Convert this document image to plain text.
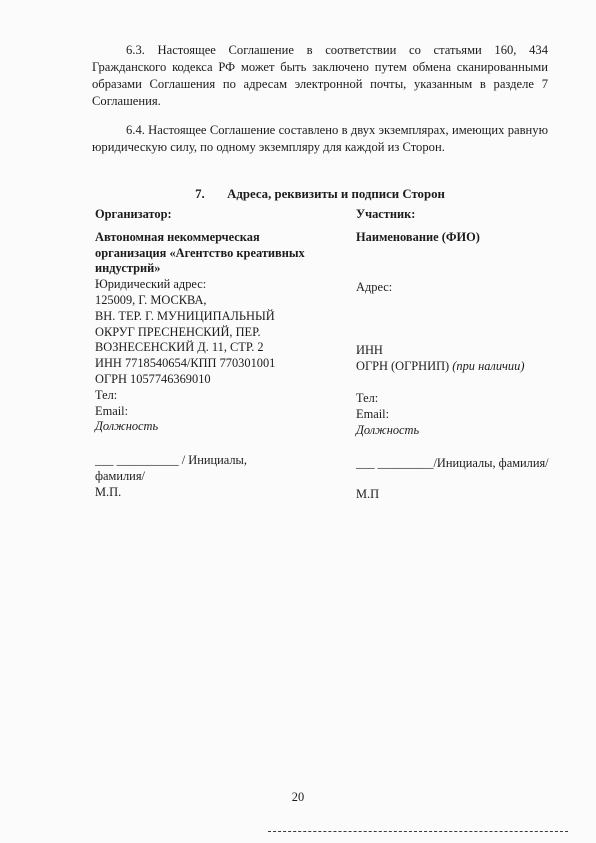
6.3. Настоящее Соглашение в соответствии со статьями 160, 434 Гражданского кодекса РФ может быть заключено путем обмена сканированными образами Соглашения по адресам электронной почты, указанным в разделе 7 Соглашения.

6.4. Настоящее Соглашение составлено в двух экземплярах, имеющих равную юридическую силу, по одному экземпляру для каждой из Сторон.

7. Адреса, реквизиты и подписи Сторон
Организатор:
Автономная некоммерческая
организация «Агентство креативных
индустрий»
Юридический адрес:
125009, Г. МОСКВА,
ВН. ТЕР. Г. МУНИЦИПАЛЬНЫЙ
ОКРУГ ПРЕСНЕНСКИЙ, ПЕР.
ВОЗНЕСЕНСКИЙ Д. 11, СТР. 2
ИНН 7718540654/КПП 770301001
ОГРН 1057746369010
Тел:
Email:
Должность
___ __________ / Инициалы,
фамилия/
М.П.
Участник:
Наименование (ФИО)
Адрес:
ИНН
ОГРН (ОГРНИП) (при наличии)
Тел:
Email:
Должность
___ _________/Инициалы, фамилия/
М.П
20
